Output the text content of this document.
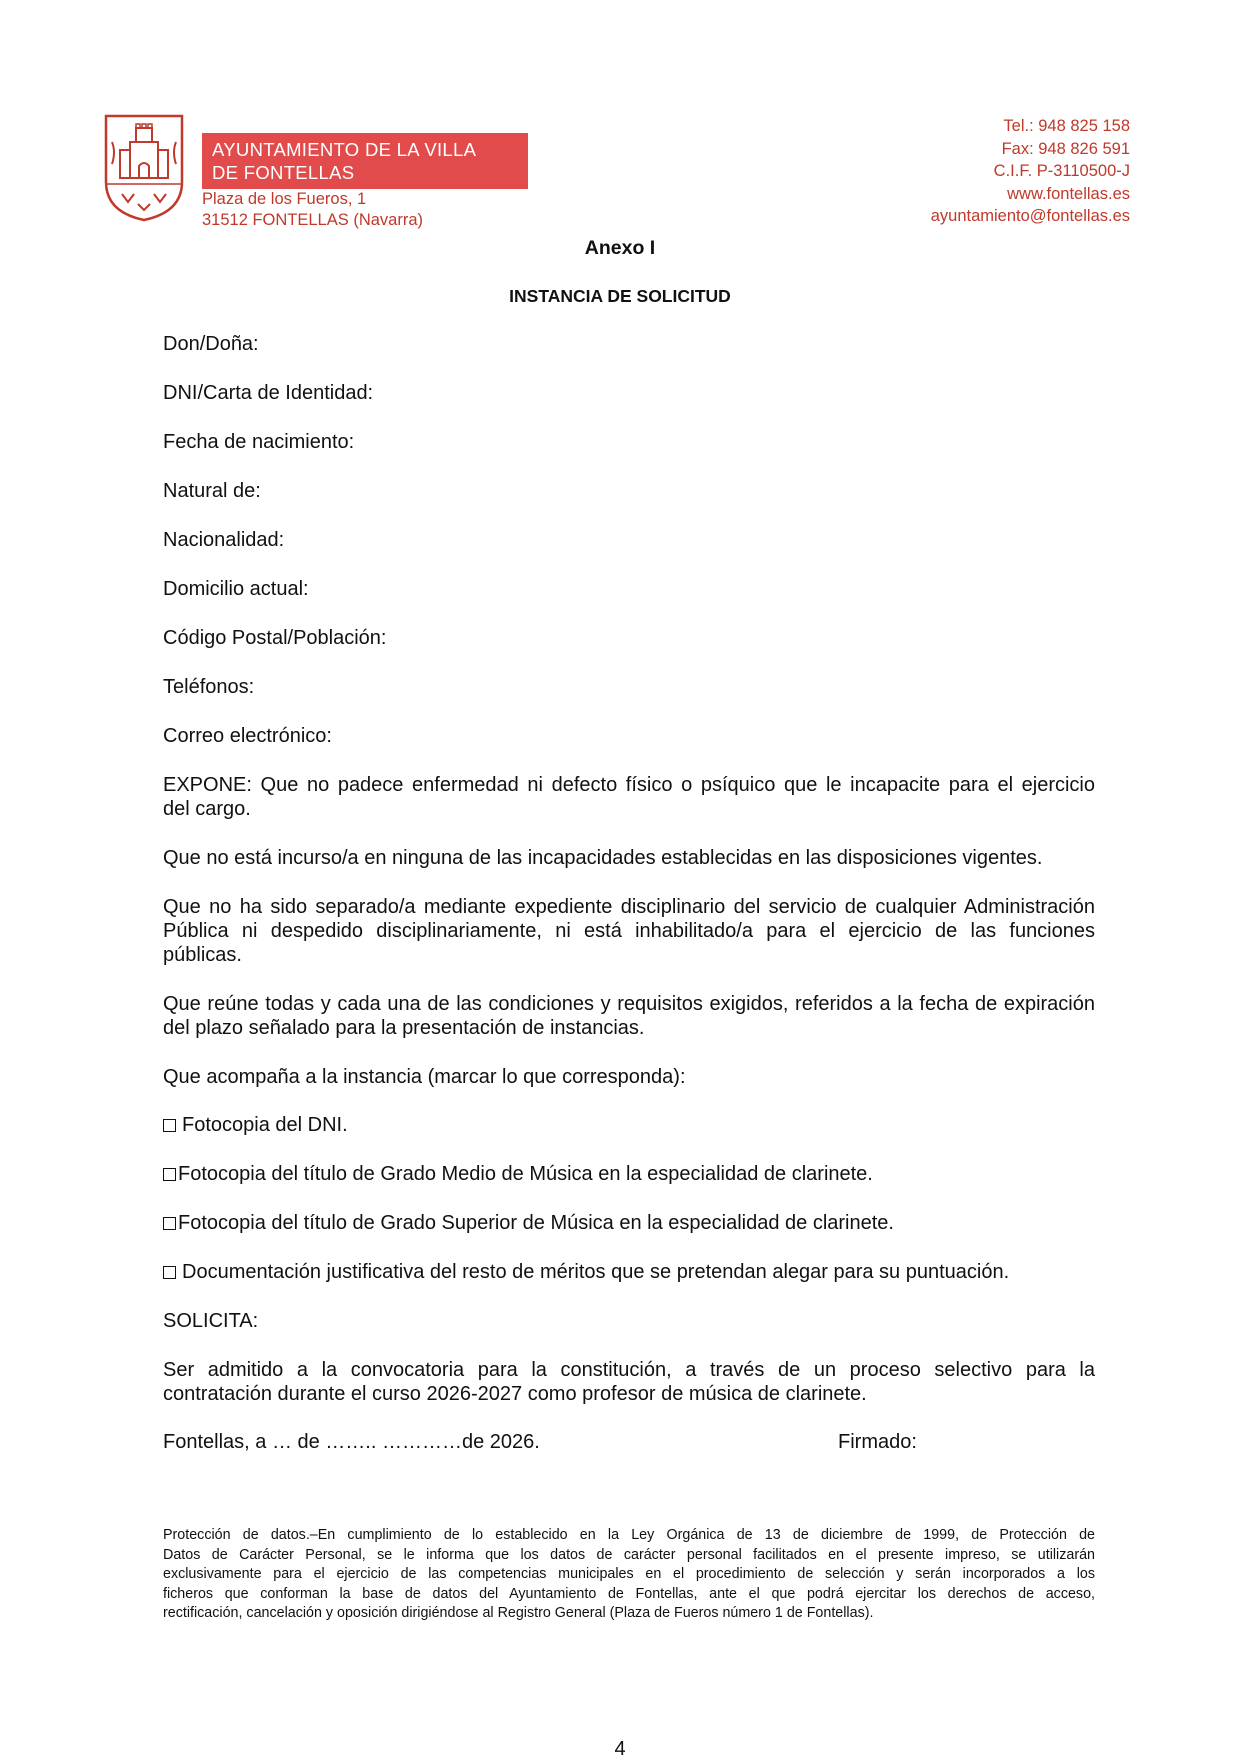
AYUNTAMIENTO DE LA VILLA
DE FONTELLAS
Plaza de los Fueros, 1
31512 FONTELLAS (Navarra)
Tel.: 948 825 158
Fax: 948 826 591
C.I.F. P-3110500-J
www.fontellas.es
ayuntamiento@fontellas.es
Anexo I
INSTANCIA DE SOLICITUD
Don/Doña:
DNI/Carta de Identidad:
Fecha de nacimiento:
Natural de:
Nacionalidad:
Domicilio actual:
Código Postal/Población:
Teléfonos:
Correo electrónico:
EXPONE: Que no padece enfermedad ni defecto físico o psíquico que le incapacite para el ejercicio
del cargo.
Que no está incurso/a en ninguna de las incapacidades establecidas en las disposiciones vigentes.
Que no ha sido separado/a mediante expediente disciplinario del servicio de cualquier Administración
Pública ni despedido disciplinariamente, ni está inhabilitado/a para el ejercicio de las funciones
públicas.
Que reúne todas y cada una de las condiciones y requisitos exigidos, referidos a la fecha de expiración
del plazo señalado para la presentación de instancias.
Que acompaña a la instancia (marcar lo que corresponda):
Fotocopia del DNI.
Fotocopia del título de Grado Medio de Música en la especialidad de clarinete.
Fotocopia del título de Grado Superior de Música en la especialidad de clarinete.
Documentación justificativa del resto de méritos que se pretendan alegar para su puntuación.
SOLICITA:
Ser admitido a la convocatoria para la constitución, a través de un proceso selectivo para la
contratación durante el curso 2026-2027 como profesor de música de clarinete.
Fontellas, a … de …….. …………de 2026.	Firmado:
Protección de datos.–En cumplimiento de lo establecido en la Ley Orgánica de 13 de diciembre de 1999, de Protección de
Datos de Carácter Personal, se le informa que los datos de carácter personal facilitados en el presente impreso, se utilizarán
exclusivamente para el ejercicio de las competencias municipales en el procedimiento de selección y serán incorporados a los
ficheros que conforman la base de datos del Ayuntamiento de Fontellas, ante el que podrá ejercitar los derechos de acceso,
rectificación, cancelación y oposición dirigiéndose al Registro General (Plaza de Fueros número 1 de Fontellas).
4
